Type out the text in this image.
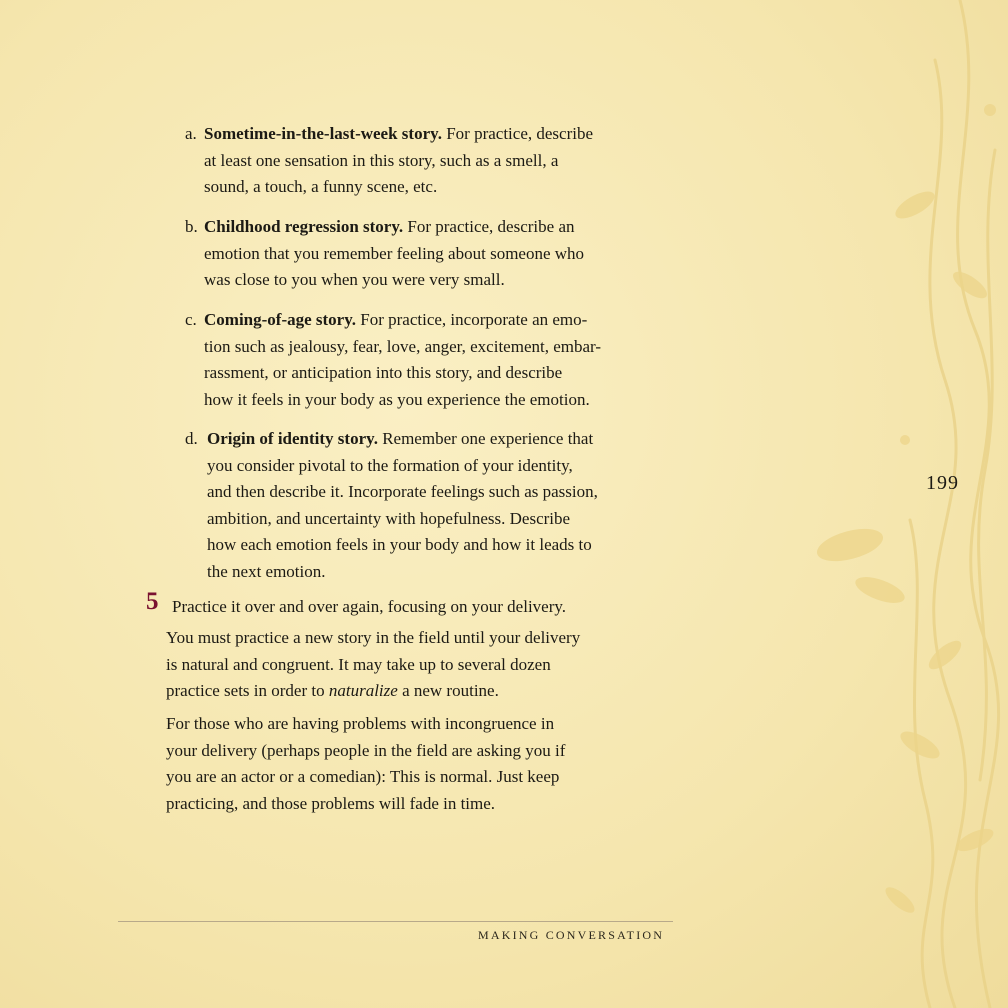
a. Sometime-in-the-last-week story. For practice, describe
at least one sensation in this story, such as a smell, a
sound, a touch, a funny scene, etc.
b. Childhood regression story. For practice, describe an
emotion that you remember feeling about someone who
was close to you when you were very small.
c. Coming-of-age story. For practice, incorporate an emo-
tion such as jealousy, fear, love, anger, excitement, embar-
rassment, or anticipation into this story, and describe
how it feels in your body as you experience the emotion.
d. Origin of identity story. Remember one experience that
you consider pivotal to the formation of your identity,
and then describe it. Incorporate feelings such as passion,
ambition, and uncertainty with hopefulness. Describe
how each emotion feels in your body and how it leads to
the next emotion.
5 Practice it over and over again, focusing on your delivery.
You must practice a new story in the field until your delivery
is natural and congruent. It may take up to several dozen
practice sets in order to naturalize a new routine.
For those who are having problems with incongruence in
your delivery (perhaps people in the field are asking you if
you are an actor or a comedian): This is normal. Just keep
practicing, and those problems will fade in time.
199
MAKING CONVERSATION
